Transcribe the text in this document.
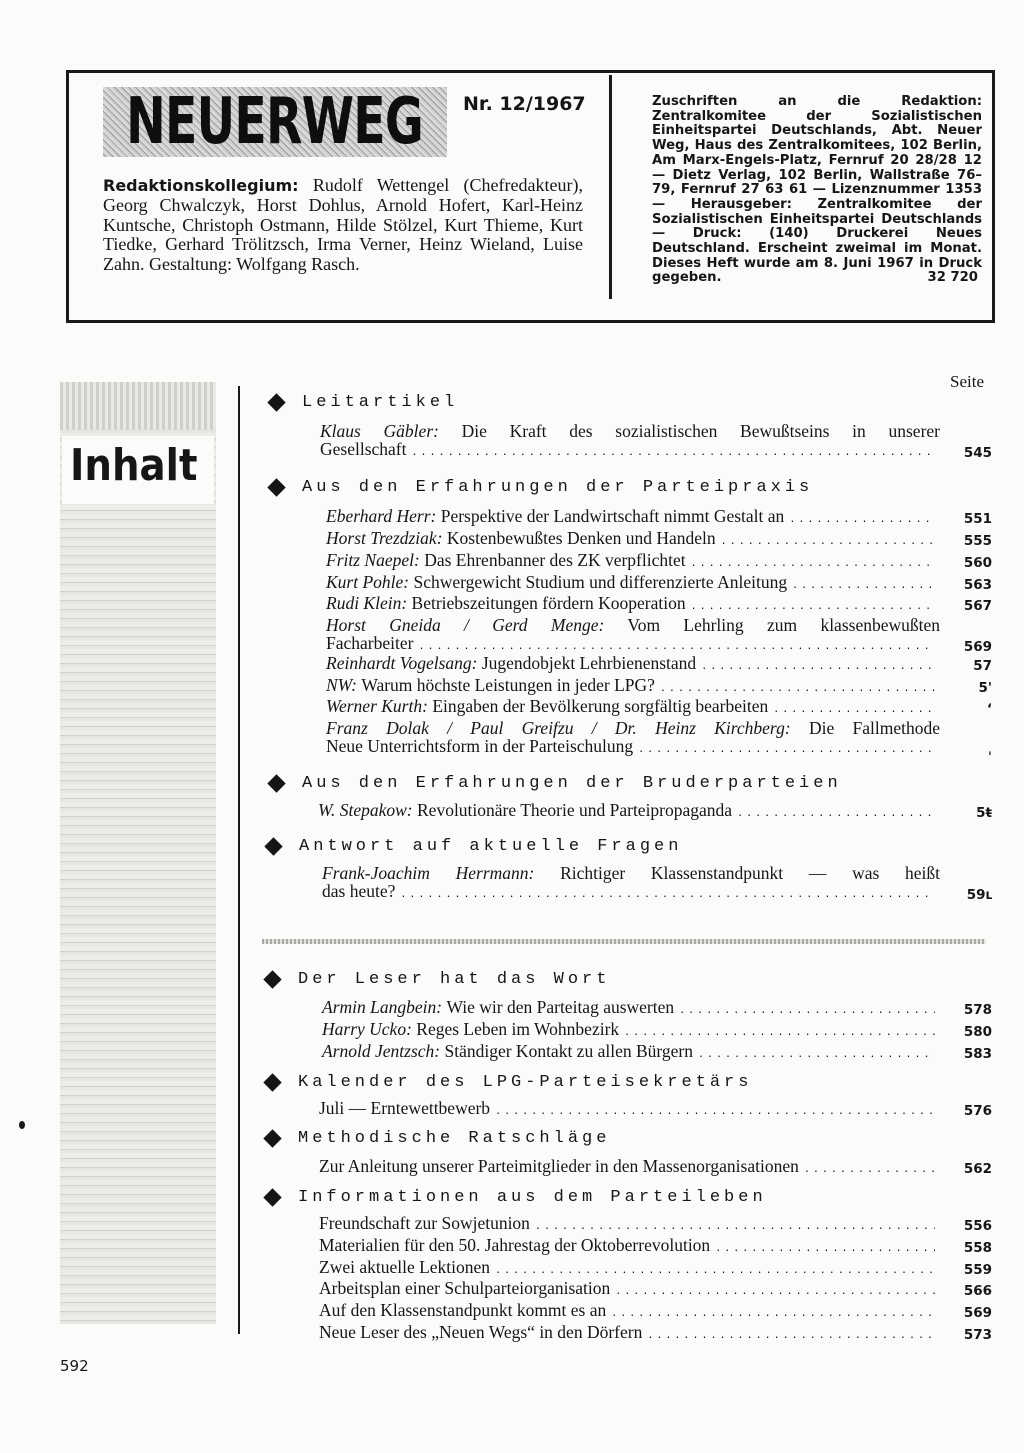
NEUERWEG Nr. 12/1967
Redaktionskollegium: Rudolf Wettengel (Chefredakteur), Georg Chwalczyk, Horst Dohlus, Arnold Hofert, Karl-Heinz Kuntsche, Christoph Ostmann, Hilde Stölzel, Kurt Thieme, Kurt Tiedke, Gerhard Trölitzsch, Irma Verner, Heinz Wieland, Luise Zahn. Gestaltung: Wolfgang Rasch.
Zuschriften an die Redaktion: Zentralkomitee der Sozialistischen Einheitspartei Deutschlands, Abt. Neuer Weg, Haus des Zentralkomitees, 102 Berlin, Am Marx-Engels-Platz, Fernruf 20 28/28 12 — Dietz Verlag, 102 Berlin, Wallstraße 76–79, Fernruf 27 63 61 — Lizenznummer 1353 — Herausgeber: Zentralkomitee der Sozialistischen Einheitspartei Deutschlands — Druck: (140) Druckerei Neues Deutschland. Erscheint zweimal im Monat. Dieses Heft wurde am 8. Juni 1967 in Druck gegeben.	32 720
Inhalt
Seite
592
Leitartikel
Klaus Gäbler: Die Kraft des sozialistischen Bewußtseins in unserer
Gesellschaft .....	545
Aus den Erfahrungen der Parteipraxis
Eberhard Herr:
Perspektive der Landwirtschaft nimmt Gestalt an .....	551
Horst Trezdziak:
Kostenbewußtes Denken und Handeln .....	555
Fritz Naepel:
Das Ehrenbanner des ZK verpflichtet .....	560
Kurt Pohle:
Schwergewicht Studium und differenzierte Anleitung .....	563
Rudi Klein:
Betriebszeitungen fördern Kooperation .....	567
Horst Gneida / Gerd Menge: Vom Lehrling zum klassenbewußten
Facharbeiter .....	569
Reinhardt Vogelsang:
Jugendobjekt Lehrbienenstand .....	57
NW:
Warum höchste Leistungen in jeder LPG? .....	5'
Werner Kurth:
Eingaben der Bevölkerung sorgfältig bearbeiten .....	ʻ
Franz Dolak / Paul Greifzu / Dr. Heinz Kirchberg: Die Fallmethode
Neue Unterrichtsform in der Parteischulung .....	ˌ
Aus den Erfahrungen der Bruderparteien
W. Stepakow:
Revolutionäre Theorie und Parteipropaganda .....	5ŧ
Antwort auf aktuelle Fragen
Frank-Joachim Herrmann: Richtiger Klassenstandpunkt — was heißt
das heute? .....	59ւ
Der Leser hat das Wort
Armin Langbein:
Wie wir den Parteitag auswerten .....	578
Harry Ucko:
Reges Leben im Wohnbezirk .....	580
Arnold Jentzsch:
Ständiger Kontakt zu allen Bürgern .....	583
Kalender des LPG-Parteisekretärs
Juli — Erntewettbewerb .....	576
Methodische Ratschläge
Zur Anleitung unserer Parteimitglieder in den Massenorganisationen .....	562
Informationen aus dem Parteileben
Freundschaft zur Sowjetunion .....	556
Materialien für den 50. Jahrestag der Oktoberrevolution .....	558
Zwei aktuelle Lektionen .....	559
Arbeitsplan einer Schulparteiorganisation .....	566
Auf den Klassenstandpunkt kommt es an .....	569
Neue Leser des „Neuen Wegs“ in den Dörfern .....	573
